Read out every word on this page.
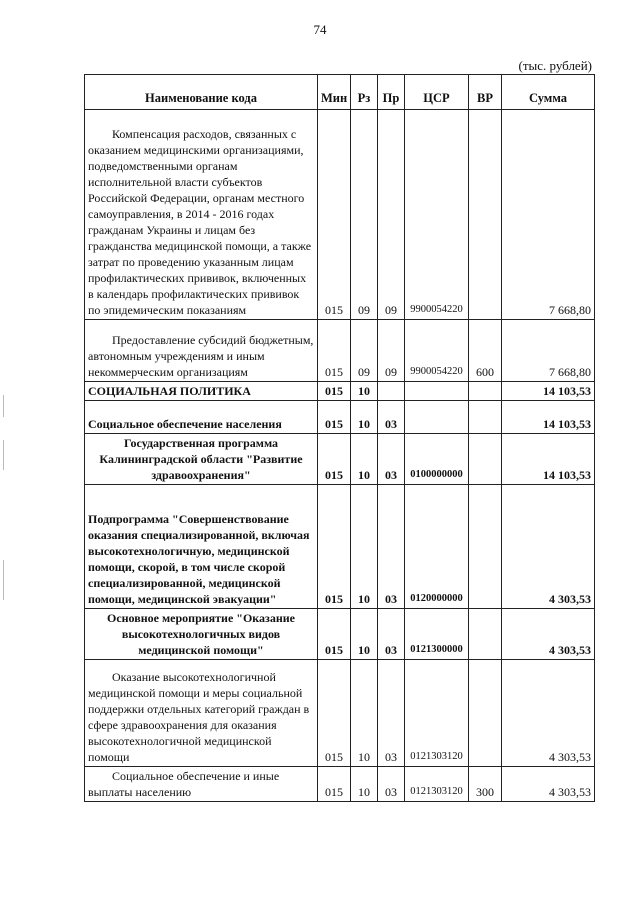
74
(тыс. рублей)
Наименование кода	Мин	Рз	Пр	ЦСР	ВР	Сумма

Компенсация расходов, связанных с оказанием медицинскими организациями, подведомственными органам исполнительной власти субъектов Российской Федерации, органам местного самоуправления, в 2014 - 2016 годах гражданам Украины и лицам без гражданства медицинской помощи, а также затрат по проведению указанным лицам профилактических прививок, включенных в календарь профилактических прививок по эпидемическим показаниям	015	09	09	9900054220		7 668,80

Предоставление субсидий бюджетным, автономным учреждениям и иным некоммерческим организациям	015	09	09	9900054220	600	7 668,80

СОЦИАЛЬНАЯ ПОЛИТИКА	015	10				14 103,53

Социальное обеспечение населения	015	10	03			14 103,53

Государственная программа Калининградской области "Развитие здравоохранения"	015	10	03	0100000000		14 103,53

Подпрограмма "Совершенствование оказания специализированной, включая высокотехнологичную, медицинской помощи, скорой, в том числе скорой специализированной, медицинской помощи, медицинской эвакуации"	015	10	03	0120000000		4 303,53

Основное мероприятие "Оказание высокотехнологичных видов медицинской помощи"	015	10	03	0121300000		4 303,53

Оказание высокотехнологичной медицинской помощи и меры социальной поддержки отдельных категорий граждан в сфере здравоохранения для оказания высокотехнологичной медицинской помощи	015	10	03	0121303120		4 303,53

Социальное обеспечение и иные выплаты населению	015	10	03	0121303120	300	4 303,53
